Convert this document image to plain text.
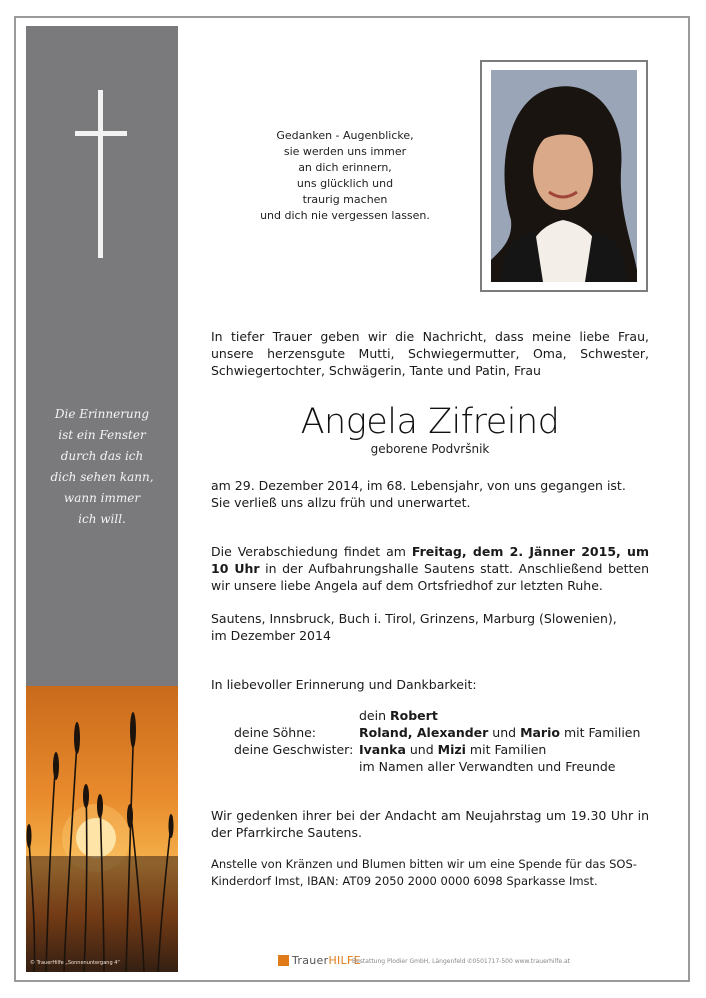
Die Erinnerung
ist ein Fenster
durch das ich
dich sehen kann,
wann immer
ich will.
© TrauerHilfe „Sonnenuntergang 4“
Gedanken - Augenblicke,
sie werden uns immer
an dich erinnern,
uns glücklich und
traurig machen
und dich nie vergessen lassen.
In tiefer Trauer geben wir die Nachricht, dass meine liebe Frau, unsere herzensgute Mutti, Schwiegermutter, Oma, Schwester, Schwiegertochter, Schwägerin, Tante und Patin, Frau
Angela Zifreind
geborene Podvršnik
am 29. Dezember 2014, im 68. Lebensjahr, von uns gegangen ist.
Sie verließ uns allzu früh und unerwartet.
Die Verabschiedung findet am Freitag, dem 2. Jänner 2015, um 10 Uhr in der Aufbahrungshalle Sautens statt. Anschließend betten wir unsere liebe Angela auf dem Ortsfriedhof zur letzten Ruhe.
Sautens, Innsbruck, Buch i. Tirol, Grinzens, Marburg (Slowenien),
im Dezember 2014
In liebevoller Erinnerung und Dankbarkeit:
dein Robert
deine Söhne:	Roland, Alexander und Mario mit Familien
deine Geschwister: Ivanka und Mizi mit Familien
im Namen aller Verwandten und Freunde
Wir gedenken ihrer bei der Andacht am Neujahrstag um 19.30 Uhr in der Pfarrkirche Sautens.
Anstelle von Kränzen und Blumen bitten wir um eine Spende für das SOS-Kinderdorf Imst, IBAN: AT09 2050 2000 0000 6098 Sparkasse Imst.
TrauerHILFE
Bestattung Plodier GmbH, Längenfeld ✆0501717-500 www.trauerhilfe.at
